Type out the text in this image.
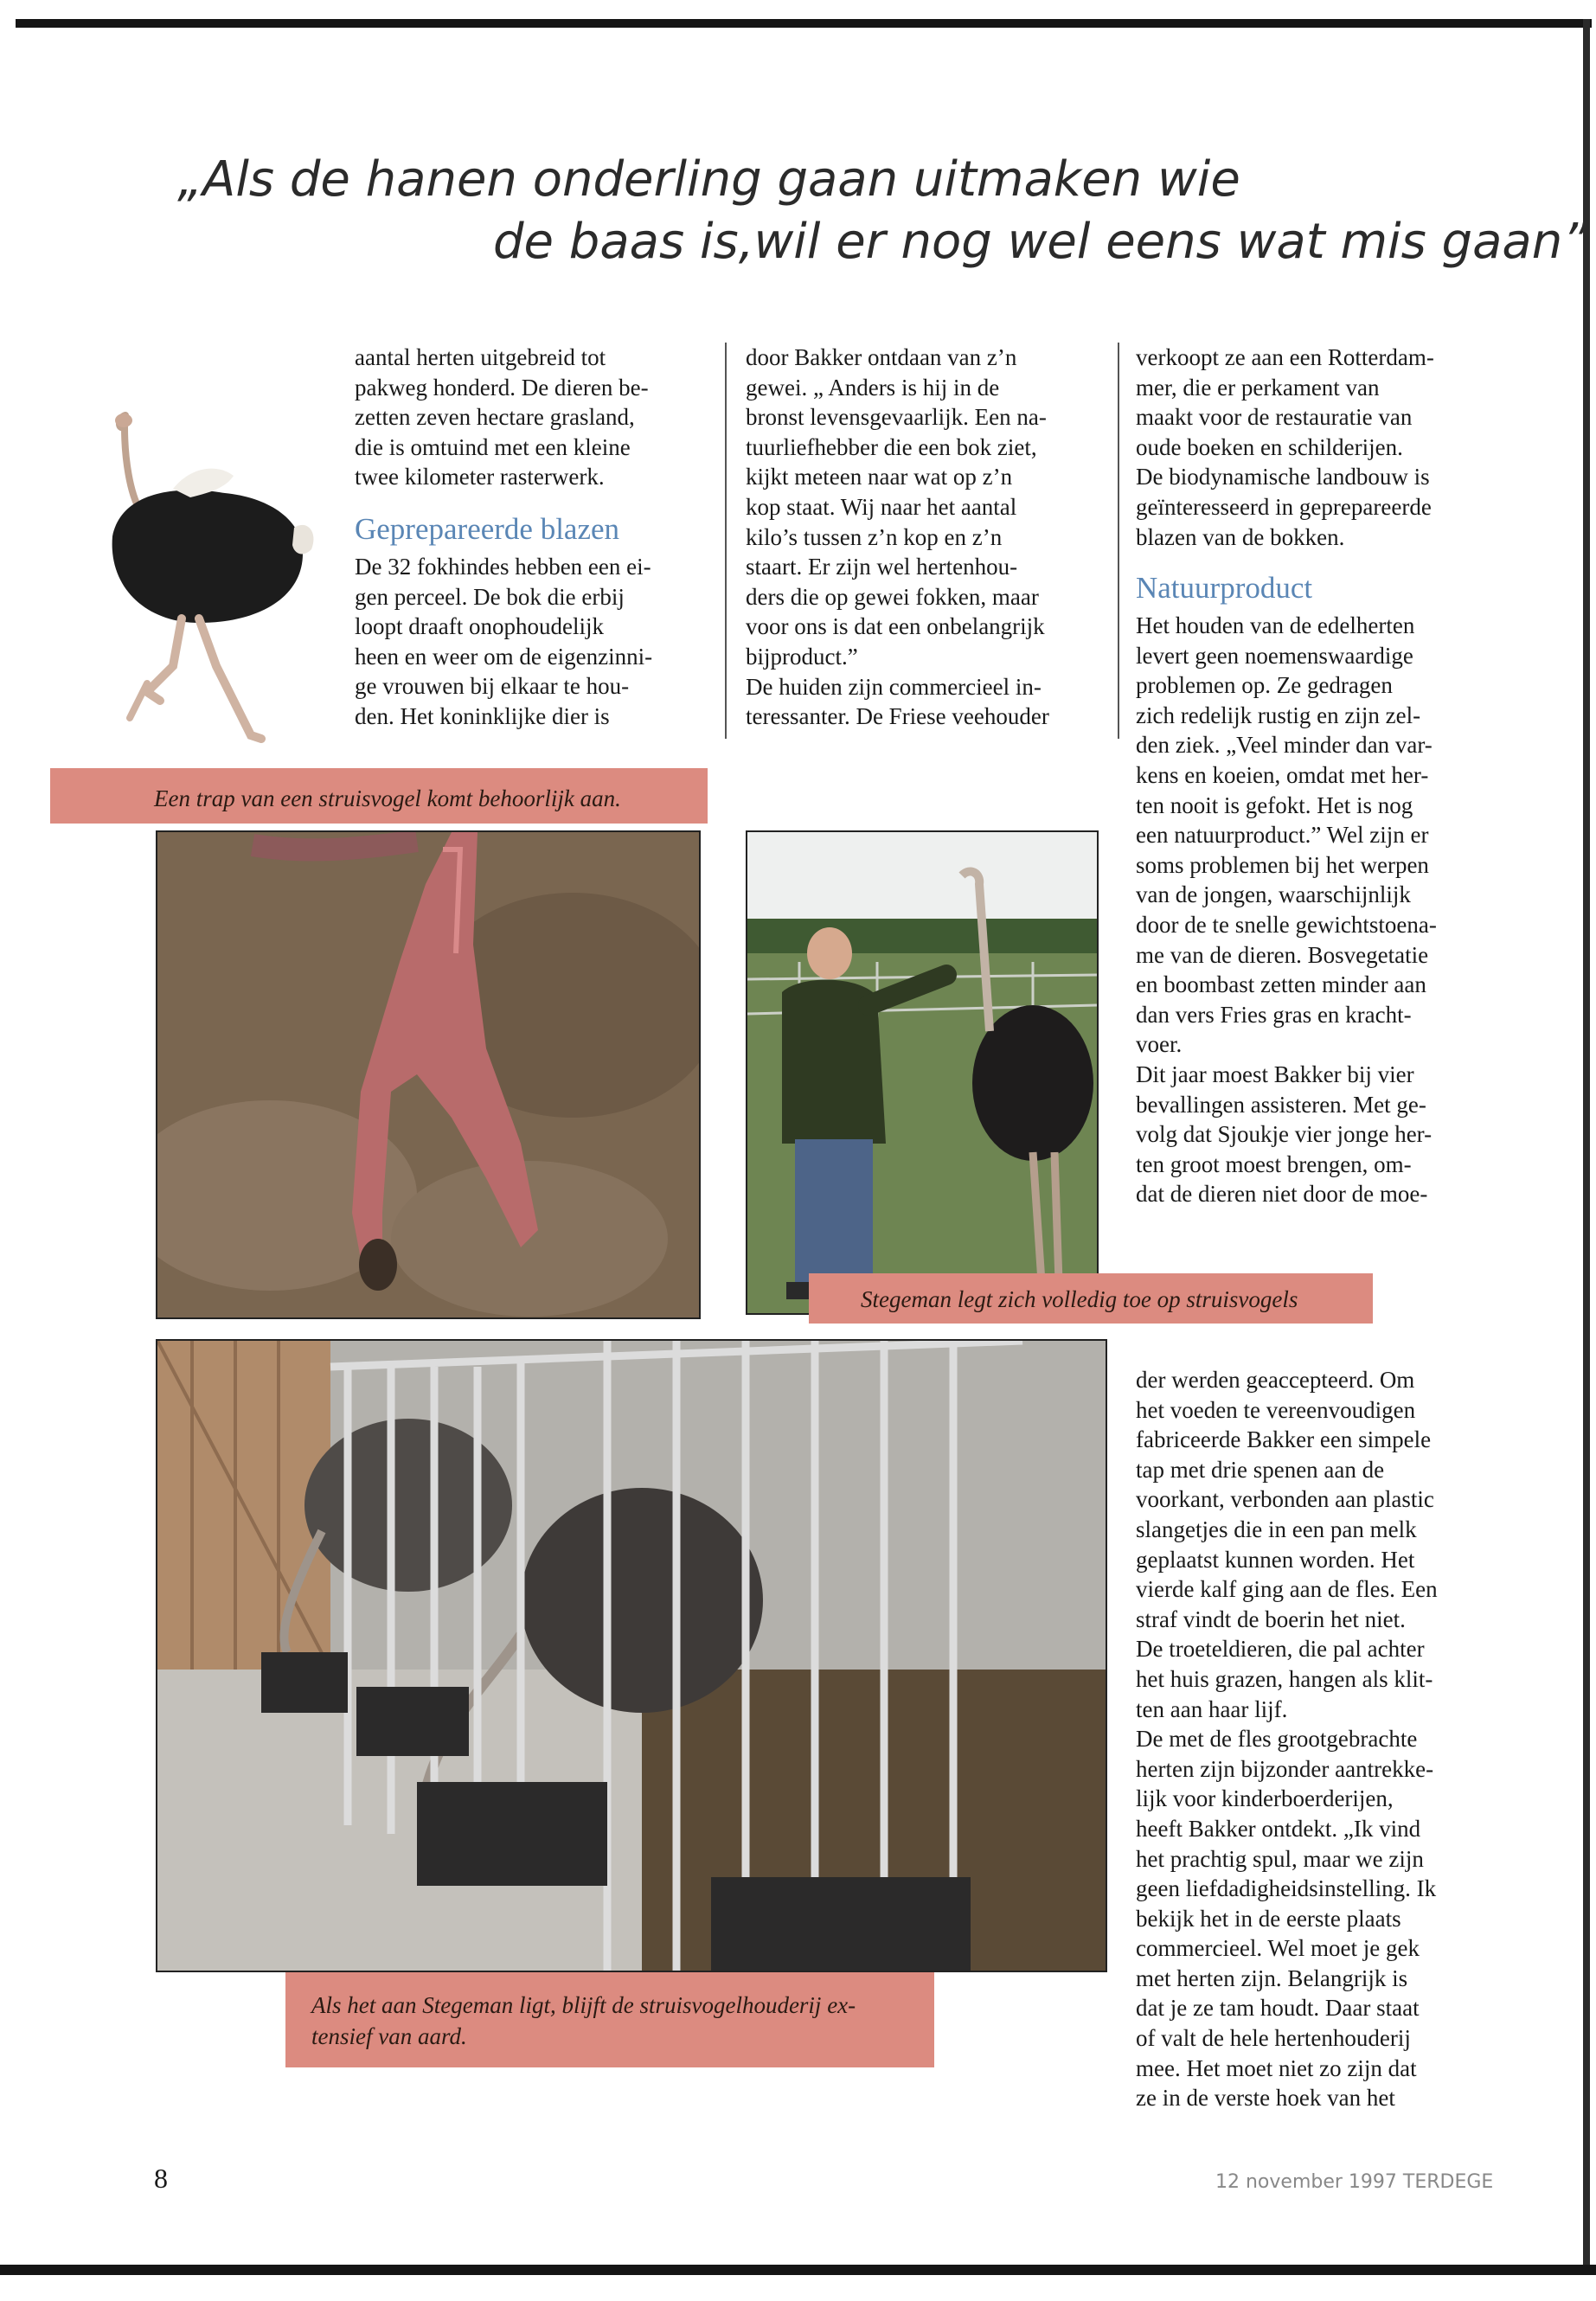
„Als de hanen onderling gaan uitmaken wie
de baas is,wil er nog wel eens wat mis gaan”
aantal herten uitgebreid tot
pakweg honderd. De dieren be-
zetten zeven hectare grasland,
die is omtuind met een kleine
twee kilometer rasterwerk.
Geprepareerde blazen
De 32 fokhindes hebben een ei-
gen perceel. De bok die erbij
loopt draaft onophoudelijk
heen en weer om de eigenzinni-
ge vrouwen bij elkaar te hou-
den. Het koninklijke dier is
door Bakker ontdaan van z’n
gewei. „ Anders is hij in de
bronst levensgevaarlijk. Een na-
tuurliefhebber die een bok ziet,
kijkt meteen naar wat op z’n
kop staat. Wij naar het aantal
kilo’s tussen z’n kop en z’n
staart. Er zijn wel hertenhou-
ders die op gewei fokken, maar
voor ons is dat een onbelangrijk
bijproduct.”
De huiden zijn commercieel in-
teressanter. De Friese veehouder
verkoopt ze aan een Rotterdam-
mer, die er perkament van
maakt voor de restauratie van
oude boeken en schilderijen.
De biodynamische landbouw is
geïnteresseerd in geprepareerde
blazen van de bokken.
Natuurproduct
Het houden van de edelherten
levert geen noemenswaardige
problemen op. Ze gedragen
zich redelijk rustig en zijn zel-
den ziek. „Veel minder dan var-
kens en koeien, omdat met her-
ten nooit is gefokt. Het is nog
een natuurproduct.” Wel zijn er
soms problemen bij het werpen
van de jongen, waarschijnlijk
door de te snelle gewichtstoena-
me van de dieren. Bosvegetatie
en boombast zetten minder aan
dan vers Fries gras en kracht-
voer.
Dit jaar moest Bakker bij vier
bevallingen assisteren. Met ge-
volg dat Sjoukje vier jonge her-
ten groot moest brengen, om-
dat de dieren niet door de moe-
der werden geaccepteerd. Om
het voeden te vereenvoudigen
fabriceerde Bakker een simpele
tap met drie spenen aan de
voorkant, verbonden aan plastic
slangetjes die in een pan melk
geplaatst kunnen worden. Het
vierde kalf ging aan de fles. Een
straf vindt de boerin het niet.
De troeteldieren, die pal achter
het huis grazen, hangen als klit-
ten aan haar lijf.
De met de fles grootgebrachte
herten zijn bijzonder aantrekke-
lijk voor kinderboerderijen,
heeft Bakker ontdekt. „Ik vind
het prachtig spul, maar we zijn
geen liefdadigheidsinstelling. Ik
bekijk het in de eerste plaats
commercieel. Wel moet je gek
met herten zijn. Belangrijk is
dat je ze tam houdt. Daar staat
of valt de hele hertenhouderij
mee. Het moet niet zo zijn dat
ze in de verste hoek van het
Een trap van een struisvogel komt behoorlijk aan.
Stegeman legt zich volledig toe op struisvogels
Als het aan Stegeman ligt, blijft de struisvogelhouderij ex-
tensief van aard.
8	12 november 1997 TERDEGE
